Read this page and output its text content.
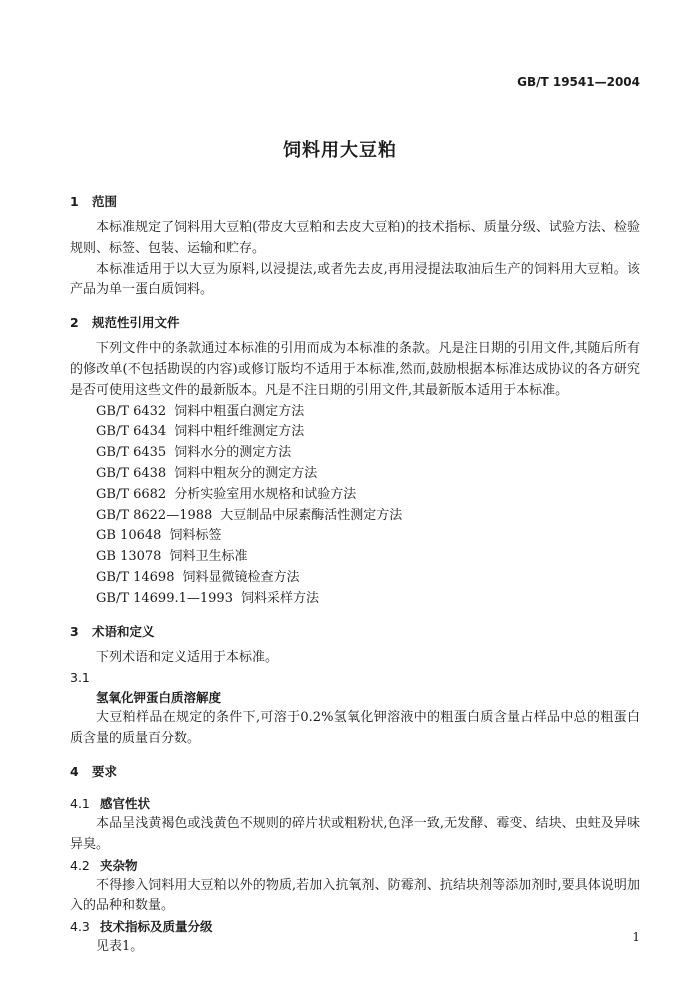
GB/T 19541—2004
饲料用大豆粕
1 范围

本标准规定了饲料用大豆粕(带皮大豆粕和去皮大豆粕)的技术指标、质量分级、试验方法、检验规则、标签、包装、运输和贮存。

本标准适用于以大豆为原料,以浸提法,或者先去皮,再用浸提法取油后生产的饲料用大豆粕。该产品为单一蛋白质饲料。

2 规范性引用文件

下列文件中的条款通过本标准的引用而成为本标准的条款。凡是注日期的引用文件,其随后所有的修改单(不包括勘误的内容)或修订版均不适用于本标准,然而,鼓励根据本标准达成协议的各方研究是否可使用这些文件的最新版本。凡是不注日期的引用文件,其最新版本适用于本标准。

GB/T 6432 饲料中粗蛋白测定方法
GB/T 6434 饲料中粗纤维测定方法
GB/T 6435 饲料水分的测定方法
GB/T 6438 饲料中粗灰分的测定方法
GB/T 6682 分析实验室用水规格和试验方法
GB/T 8622—1988 大豆制品中尿素酶活性测定方法
GB 10648 饲料标签
GB 13078 饲料卫生标准
GB/T 14698 饲料显微镜检查方法
GB/T 14699.1—1993 饲料采样方法
3 术语和定义

下列术语和定义适用于本标准。

3.1
氢氧化钾蛋白质溶解度

大豆粕样品在规定的条件下,可溶于0.2%氢氧化钾溶液中的粗蛋白质含量占样品中总的粗蛋白质含量的质量百分数。

4 要求
4.1 感官性状

本品呈浅黄褐色或浅黄色不规则的碎片状或粗粉状,色泽一致,无发酵、霉变、结块、虫蛀及异味异臭。

4.2 夹杂物

不得掺入饲料用大豆粕以外的物质,若加入抗氧剂、防霉剂、抗结块剂等添加剂时,要具体说明加入的品种和数量。

4.3 技术指标及质量分级

见表1。

1
